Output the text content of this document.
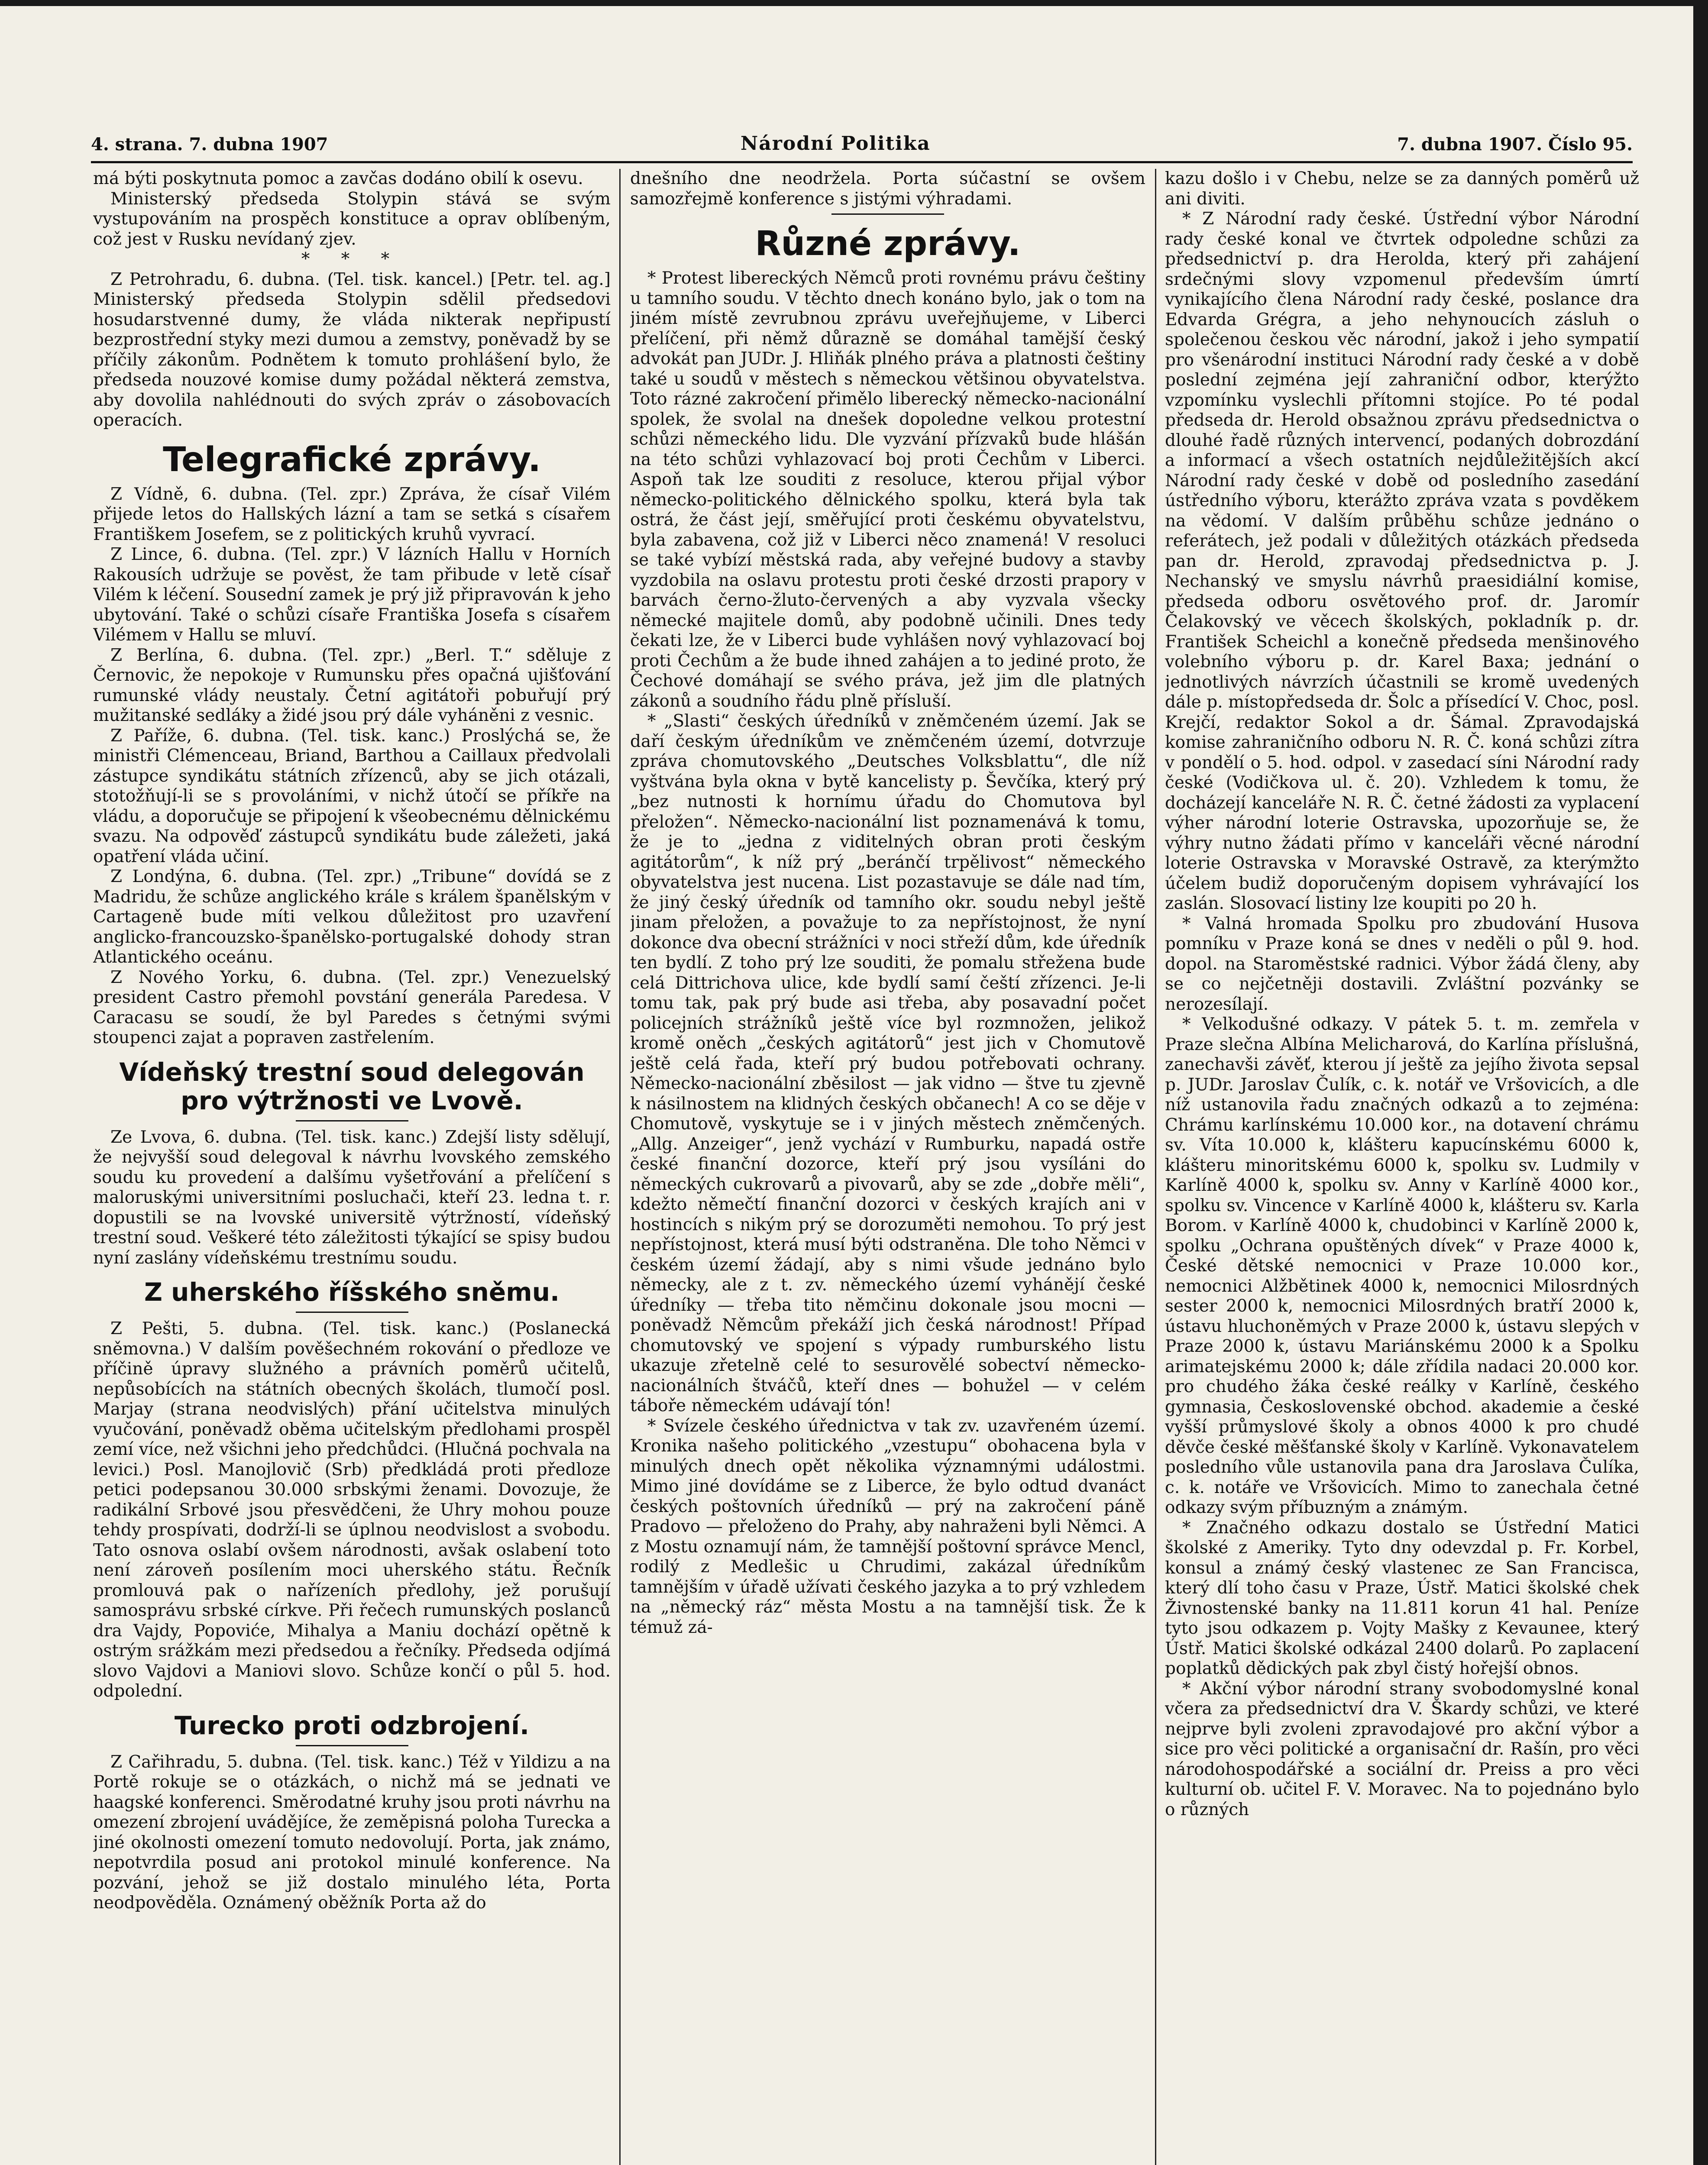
4. strana. 7. dubna 1907	Národní Politika	7. dubna 1907. Číslo 95.

má býti poskytnuta pomoc a zavčas dodáno obilí k osevu.

Ministerský předseda Stolypin stává se svým vystupováním na prospěch konstituce a oprav oblíbeným, což jest v Rusku nevídaný zjev.

* * *

Z Petrohradu, 6. dubna. (Tel. tisk. kancel.) [Petr. tel. ag.] Ministerský předseda Stolypin sdělil předsedovi hosudarstvenné dumy, že vláda nikterak nepřipustí bezprostřední styky mezi dumou a zemstvy, poněvadž by se příčily zákonům. Podnětem k tomuto prohlášení bylo, že předseda nouzové komise dumy požádal některá zemstva, aby dovolila nahlédnouti do svých zpráv o zásobovacích operacích.

Telegrafické zprávy.

Z Vídně, 6. dubna. (Tel. zpr.) Zpráva, že císař Vilém přijede letos do Hallských lázní a tam se setká s císařem Františkem Josefem, se z politických kruhů vyvrací.

Z Lince, 6. dubna. (Tel. zpr.) V lázních Hallu v Horních Rakousích udržuje se pověst, že tam přibude v letě císař Vilém k léčení. Sousední zamek je prý již připravován k jeho ubytování. Také o schůzi císaře Františka Josefa s císařem Vilémem v Hallu se mluví.

Z Berlína, 6. dubna. (Tel. zpr.) „Berl. T.“ sděluje z Černovic, že nepokoje v Rumunsku přes opačná ujišťování rumunské vlády neustaly. Četní agitátoři pobuřují prý mužitanské sedláky a židé jsou prý dále vyháněni z vesnic.

Z Paříže, 6. dubna. (Tel. tisk. kanc.) Proslýchá se, že ministři Clémenceau, Briand, Barthou a Caillaux předvolali zástupce syndikátu státních zřízenců, aby se jich otázali, stotožňují-li se s provoláními, v nichž útočí se příkře na vládu, a doporučuje se připojení k všeobecnému dělnickému svazu. Na odpověď zástupců syndikátu bude záležeti, jaká opatření vláda učiní.

Z Londýna, 6. dubna. (Tel. zpr.) „Tribune“ dovídá se z Madridu, že schůze anglického krále s králem španělským v Cartageně bude míti velkou důležitost pro uzavření anglicko-francouzsko-španělsko-portugalské dohody stran Atlantického oceánu.

Z Nového Yorku, 6. dubna. (Tel. zpr.) Venezuelský president Castro přemohl povstání generála Paredesa. V Caracasu se soudí, že byl Paredes s četnými svými stoupenci zajat a popraven zastřelením.

Vídeňský trestní soud delegován pro výtržnosti ve Lvově.

Ze Lvova, 6. dubna. (Tel. tisk. kanc.) Zdejší listy sdělují, že nejvyšší soud delegoval k návrhu lvovského zemského soudu ku provedení a dalšímu vyšetřování a přelíčení s maloruskými universitními posluchači, kteří 23. ledna t. r. dopustili se na lvovské universitě výtržností, vídeňský trestní soud. Veškeré této záležitosti týkající se spisy budou nyní zaslány vídeňskému trestnímu soudu.

Z uherského říšského sněmu.

Z Pešti, 5. dubna. (Tel. tisk. kanc.) (Poslanecká sněmovna.) V dalším pověšechném rokování o předloze ve příčině úpravy služného a právních poměrů učitelů, nepůsobících na státních obecných školách, tlumočí posl. Marjay (strana neodvislých) přání učitelstva minulých vyučování, poněvadž oběma učitelským předlohami prospěl zemí více, než všichni jeho předchůdci. (Hlučná pochvala na levici.) Posl. Manojlovič (Srb) předkládá proti předloze petici podepsanou 30.000 srbskými ženami. Dovozuje, že radikální Srbové jsou přesvědčeni, že Uhry mohou pouze tehdy prospívati, dodrží-li se úplnou neodvislost a svobodu. Tato osnova oslabí ovšem národnosti, avšak oslabení toto není zároveň posílením moci uherského státu. Řečník promlouvá pak o nařízeních předlohy, jež porušují samosprávu srbské církve. Při řečech rumunských poslanců dra Vajdy, Popoviće, Mihalya a Maniu dochází opětně k ostrým srážkám mezi předsedou a řečníky. Předseda odjímá slovo Vajdovi a Maniovi slovo. Schůze končí o půl 5. hod. odpolední.

Turecko proti odzbrojení.

Z Cařihradu, 5. dubna. (Tel. tisk. kanc.) Též v Yildizu a na Portě rokuje se o otázkách, o nichž má se jednati ve haagské konferenci. Směrodatné kruhy jsou proti návrhu na omezení zbrojení uvádějíce, že zeměpisná poloha Turecka a jiné okolnosti omezení tomuto nedovolují. Porta, jak známo, nepotvrdila posud ani protokol minulé konference. Na pozvání, jehož se již dostalo minulého léta, Porta neodpověděla. Oznámený oběžník Porta až do

dnešního dne neodržela. Porta súčastní se ovšem samozřejmě konference s jistými výhradami.

Různé zprávy.

* Protest libereckých Němců proti rovnému právu češtiny u tamního soudu. V těchto dnech konáno bylo, jak o tom na jiném místě zevrubnou zprávu uveřejňujeme, v Liberci přelíčení, při němž důrazně se domáhal tamější český advokát pan JUDr. J. Hliňák plného práva a platnosti češtiny také u soudů v městech s německou většinou obyvatelstva. Toto rázné zakročení přimělo liberecký německo-nacionální spolek, že svolal na dnešek dopoledne velkou protestní schůzi německého lidu. Dle vyzvání přízvaků bude hlášán na této schůzi vyhlazovací boj proti Čechům v Liberci. Aspoň tak lze souditi z resoluce, kterou přijal výbor německo-politického dělnického spolku, která byla tak ostrá, že část její, směřující proti českému obyvatelstvu, byla zabavena, což již v Liberci něco znamená! V resoluci se také vybízí městská rada, aby veřejné budovy a stavby vyzdobila na oslavu protestu proti české drzosti prapory v barvách černo-žluto-červených a aby vyzvala všecky německé majitele domů, aby podobně učinili. Dnes tedy čekati lze, že v Liberci bude vyhlášen nový vyhlazovací boj proti Čechům a že bude ihned zahájen a to jediné proto, že Čechové domáhají se svého práva, jež jim dle platných zákonů a soudního řádu plně přísluší.

* „Slasti“ českých úředníků v zněmčeném území. Jak se daří českým úředníkům ve zněmčeném území, dotvrzuje zpráva chomutovského „Deutsches Volksblattu“, dle níž vyštvána byla okna v bytě kancelisty p. Ševčíka, který prý „bez nutnosti k hornímu úřadu do Chomutova byl přeložen“. Německo-nacionální list poznamenává k tomu, že je to „jedna z viditelných obran proti českým agitátorům“, k níž prý „beránčí trpělivost“ německého obyvatelstva jest nucena. List pozastavuje se dále nad tím, že jiný český úředník od tamního okr. soudu nebyl ještě jinam přeložen, a považuje to za nepřístojnost, že nyní dokonce dva obecní strážníci v noci střeží dům, kde úředník ten bydlí. Z toho prý lze souditi, že pomalu střežena bude celá Dittrichova ulice, kde bydlí samí čeští zřízenci. Je-li tomu tak, pak prý bude asi třeba, aby posavadní počet policejních strážníků ještě více byl rozmnožen, jelikož kromě oněch „českých agitátorů“ jest jich v Chomutově ještě celá řada, kteří prý budou potřebovati ochrany. Německo-nacionální zběsilost — jak vidno — štve tu zjevně k násilnostem na klidných českých občanech! A co se děje v Chomutově, vyskytuje se i v jiných městech zněmčených. „Allg. Anzeiger“, jenž vychází v Rumburku, napadá ostře české finanční dozorce, kteří prý jsou vysíláni do německých cukrovarů a pivovarů, aby se zde „dobře měli“, kdežto němečtí finanční dozorci v českých krajích ani v hostincích s nikým prý se dorozuměti nemohou. To prý jest nepřístojnost, která musí býti odstraněna. Dle toho Němci v českém území žádají, aby s nimi všude jednáno bylo německy, ale z t. zv. německého území vyhánějí české úředníky — třeba tito němčinu dokonale jsou mocni — poněvadž Němcům překáží jich česká národnost! Případ chomutovský ve spojení s výpady rumburského listu ukazuje zřetelně celé to sesurovělé sobectví německo-nacionálních štváčů, kteří dnes — bohužel — v celém táboře německém udávají tón!

* Svízele českého úřednictva v tak zv. uzavřeném území. Kronika našeho politického „vzestupu“ obohacena byla v minulých dnech opět několika významnými událostmi. Mimo jiné dovídáme se z Liberce, že bylo odtud dvanáct českých poštovních úředníků — prý na zakročení páně Pradovo — přeloženo do Prahy, aby nahraženi byli Němci. A z Mostu oznamují nám, že tamnější poštovní správce Mencl, rodilý z Medlešic u Chrudimi, zakázal úředníkům tamnějším v úřadě užívati českého jazyka a to prý vzhledem na „německý ráz“ města Mostu a na tamnější tisk. Že k témuž zá-

kazu došlo i v Chebu, nelze se za danných poměrů už ani diviti.

* Z Národní rady české. Ústřední výbor Národní rady české konal ve čtvrtek odpoledne schůzi za předsednictví p. dra Herolda, který při zahájení srdečnými slovy vzpomenul především úmrtí vynikajícího člena Národní rady české, poslance dra Edvarda Grégra, a jeho nehynoucích zásluh o společenou českou věc národní, jakož i jeho sympatií pro všenárodní instituci Národní rady české a v době poslední zejména její zahraniční odbor, kterýžto vzpomínku vyslechli přítomni stojíce. Po té podal předseda dr. Herold obsažnou zprávu předsednictva o dlouhé řadě různých intervencí, podaných dobrozdání a informací a všech ostatních nejdůležitějších akcí Národní rady české v době od posledního zasedání ústředního výboru, kterážto zpráva vzata s povděkem na vědomí. V dalším průběhu schůze jednáno o referátech, jež podali v důležitých otázkách předseda pan dr. Herold, zpravodaj předsednictva p. J. Nechanský ve smyslu návrhů praesidiální komise, předseda odboru osvětového prof. dr. Jaromír Čelakovský ve věcech školských, pokladník p. dr. František Scheichl a konečně předseda menšinového volebního výboru p. dr. Karel Baxa; jednání o jednotlivých návrzích účastnili se kromě uvedených dále p. místopředseda dr. Šolc a přísedící V. Choc, posl. Krejčí, redaktor Sokol a dr. Šámal. Zpravodajská komise zahraničního odboru N. R. Č. koná schůzi zítra v pondělí o 5. hod. odpol. v zasedací síni Národní rady české (Vodičkova ul. č. 20). Vzhledem k tomu, že docházejí kanceláře N. R. Č. četné žádosti za vyplacení výher národní loterie Ostravska, upozorňuje se, že výhry nutno žádati přímo v kanceláři věcné národní loterie Ostravska v Moravské Ostravě, za kterýmžto účelem budiž doporučeným dopisem vyhrávající los zaslán. Slosovací listiny lze koupiti po 20 h.

* Valná hromada Spolku pro zbudování Husova pomníku v Praze koná se dnes v neděli o půl 9. hod. dopol. na Staroměstské radnici. Výbor žádá členy, aby se co nejčetněji dostavili. Zvláštní pozvánky se nerozesílají.

* Velkodušné odkazy. V pátek 5. t. m. zemřela v Praze slečna Albína Melicharová, do Karlína příslušná, zanechavši závěť, kterou jí ještě za jejího života sepsal p. JUDr. Jaroslav Čulík, c. k. notář ve Vršovicích, a dle níž ustanovila řadu značných odkazů a to zejména: Chrámu karlínskému 10.000 kor., na dotavení chrámu sv. Víta 10.000 k, klášteru kapucínskému 6000 k, klášteru minoritskému 6000 k, spolku sv. Ludmily v Karlíně 4000 k, spolku sv. Anny v Karlíně 4000 kor., spolku sv. Vincence v Karlíně 4000 k, klášteru sv. Karla Borom. v Karlíně 4000 k, chudobinci v Karlíně 2000 k, spolku „Ochrana opuštěných dívek“ v Praze 4000 k, České dětské nemocnici v Praze 10.000 kor., nemocnici Alžbětinek 4000 k, nemocnici Milosrdných sester 2000 k, nemocnici Milosrdných bratří 2000 k, ústavu hluchoněmých v Praze 2000 k, ústavu slepých v Praze 2000 k, ústavu Mariánskému 2000 k a Spolku arimatejskému 2000 k; dále zřídila nadaci 20.000 kor. pro chudého žáka české reálky v Karlíně, českého gymnasia, Československé obchod. akademie a české vyšší průmyslové školy a obnos 4000 k pro chudé děvče české měšťanské školy v Karlíně. Vykonavatelem posledního vůle ustanovila pana dra Jaroslava Čulíka, c. k. notáře ve Vršovicích. Mimo to zanechala četné odkazy svým příbuzným a známým.

* Značného odkazu dostalo se Ústřední Matici školské z Ameriky. Tyto dny odevzdal p. Fr. Korbel, konsul a známý český vlastenec ze San Francisca, který dlí toho času v Praze, Ústř. Matici školské chek Živnostenské banky na 11.811 korun 41 hal. Peníze tyto jsou odkazem p. Vojty Mašky z Kevaunee, který Ústř. Matici školské odkázal 2400 dolarů. Po zaplacení poplatků dědických pak zbyl čistý hořejší obnos.

* Akční výbor národní strany svobodomyslné konal včera za předsednictví dra V. Škardy schůzi, ve které nejprve byli zvoleni zpravodajové pro akční výbor a sice pro věci politické a organisační dr. Rašín, pro věci národohospodářské a sociální dr. Preiss a pro věci kulturní ob. učitel F. V. Moravec. Na to pojednáno bylo o různých
